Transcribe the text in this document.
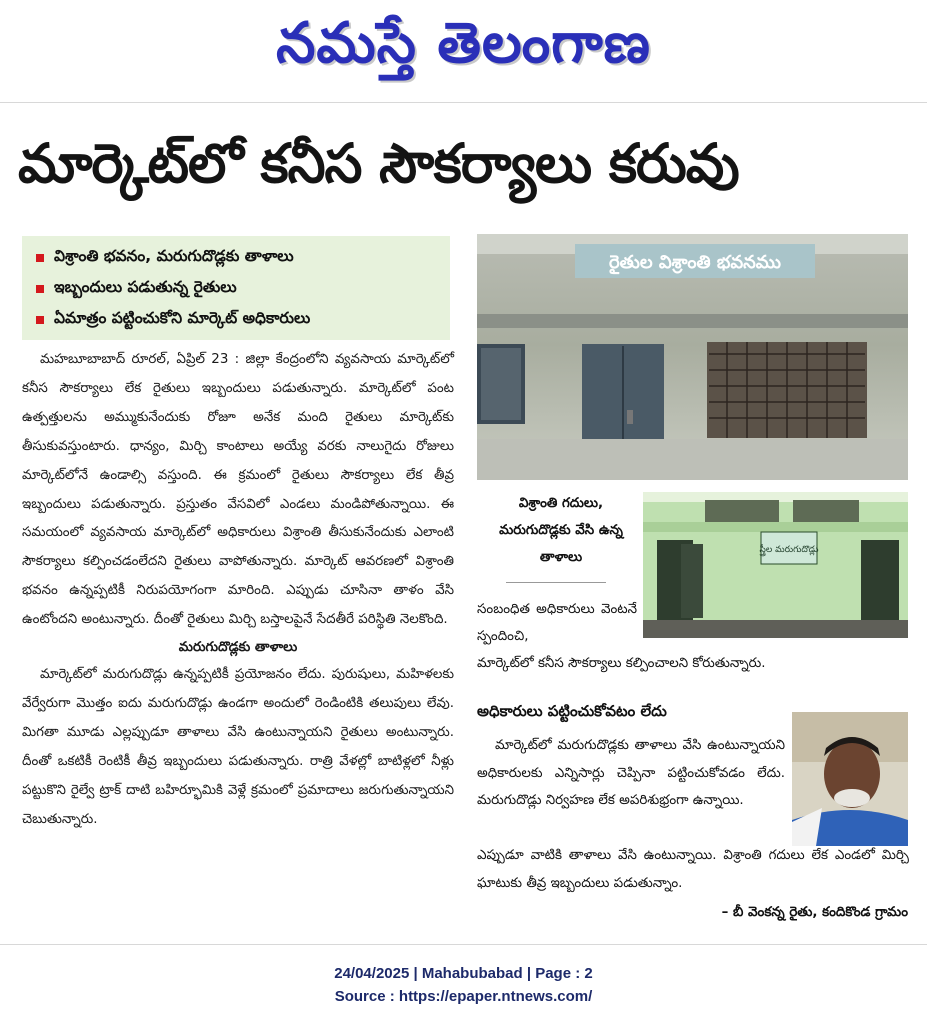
నమస్తే తెలంగాణ
మార్కెట్‌లో కనీస సౌకర్యాలు కరువు
విశ్రాంతి భవనం, మరుగుదొడ్లకు తాళాలు
ఇబ్బందులు పడుతున్న రైతులు
ఏమాత్రం పట్టించుకోని మార్కెట్ అధికారులు

మహబూబాబాద్ రూరల్, ఏప్రిల్ 23 : జిల్లా కేంద్రంలోని వ్యవసాయ మార్కెట్‌లో కనీస సౌకర్యాలు లేక రైతులు ఇబ్బందులు పడుతున్నారు. మార్కెట్‌లో పంట ఉత్పత్తులను అమ్ముకునేందుకు రోజూ అనేక మంది రైతులు మార్కెట్‌కు తీసుకువస్తుంటారు. ధాన్యం, మిర్చి కాంటాలు అయ్యే వరకు నాలుగైదు రోజులు మార్కెట్‌లోనే ఉండాల్సి వస్తుంది. ఈ క్రమంలో రైతులు సౌకర్యాలు లేక తీవ్ర ఇబ్బందులు పడుతున్నారు. ప్రస్తుతం వేసవిలో ఎండలు మండిపోతున్నాయి. ఈ సమయంలో వ్యవసాయ మార్కెట్‌లో అధికారులు విశ్రాంతి తీసుకునేందుకు ఎలాంటి సౌకర్యాలు కల్పించడంలేదని రైతులు వాపోతున్నారు. మార్కెట్ ఆవరణలో విశ్రాంతి భవనం ఉన్నప్పటికీ నిరుపయోగంగా మారింది. ఎప్పుడు చూసినా తాళం వేసి ఉంటోందని అంటున్నారు. దీంతో రైతులు మిర్చి బస్తాలపైనే సేదతీరే పరిస్థితి నెలకొంది.

మరుగుదొడ్లకు తాళాలు

మార్కెట్‌లో మరుగుదొడ్లు ఉన్నప్పటికీ ప్రయోజనం లేదు. పురుషులు, మహిళలకు వేర్వేరుగా మొత్తం ఐదు మరుగుదొడ్లు ఉండగా అందులో రెండింటికి తలుపులు లేవు. మిగతా మూడు ఎల్లప్పుడూ తాళాలు వేసి ఉంటున్నాయని రైతులు అంటున్నారు. దీంతో ఒకటికీ రెంటికీ తీవ్ర ఇబ్బందులు పడుతున్నారు. రాత్రి వేళల్లో బాటిళ్లలో నీళ్లు పట్టుకొని రైల్వే ట్రాక్ దాటి బహిర్భూమికి వెళ్లే క్రమంలో ప్రమాదాలు జరుగుతున్నాయని చెబుతున్నారు.

రైతుల విశ్రాంతి భవనము
విశ్రాంతి గదులు, మరుగుదొడ్లకు వేసి ఉన్న తాళాలు	స్త్రీల మరుగుదొడ్లు

సంబంధిత అధికారులు వెంటనే స్పందించి,

మార్కెట్‌లో కనీస సౌకర్యాలు కల్పించాలని కోరుతున్నారు.
అధికారులు పట్టించుకోవటం లేదు

మార్కెట్‌లో మరుగుదొడ్లకు తాళాలు వేసి ఉంటున్నాయని అధికారులకు ఎన్నిసార్లు చెప్పినా పట్టించుకోవడం లేదు. మరుగుదొడ్లు నిర్వహణ లేక అపరిశుభ్రంగా ఉన్నాయి.

ఎప్పుడూ వాటికి తాళాలు వేసి ఉంటున్నాయి. విశ్రాంతి గదులు లేక ఎండలో మిర్చి ఘాటుకు తీవ్ర ఇబ్బందులు పడుతున్నాం.

– బీ వెంకన్న రైతు, కందికొండ గ్రామం
24/04/2025 | Mahabubabad | Page : 2
Source : https://epaper.ntnews.com/
